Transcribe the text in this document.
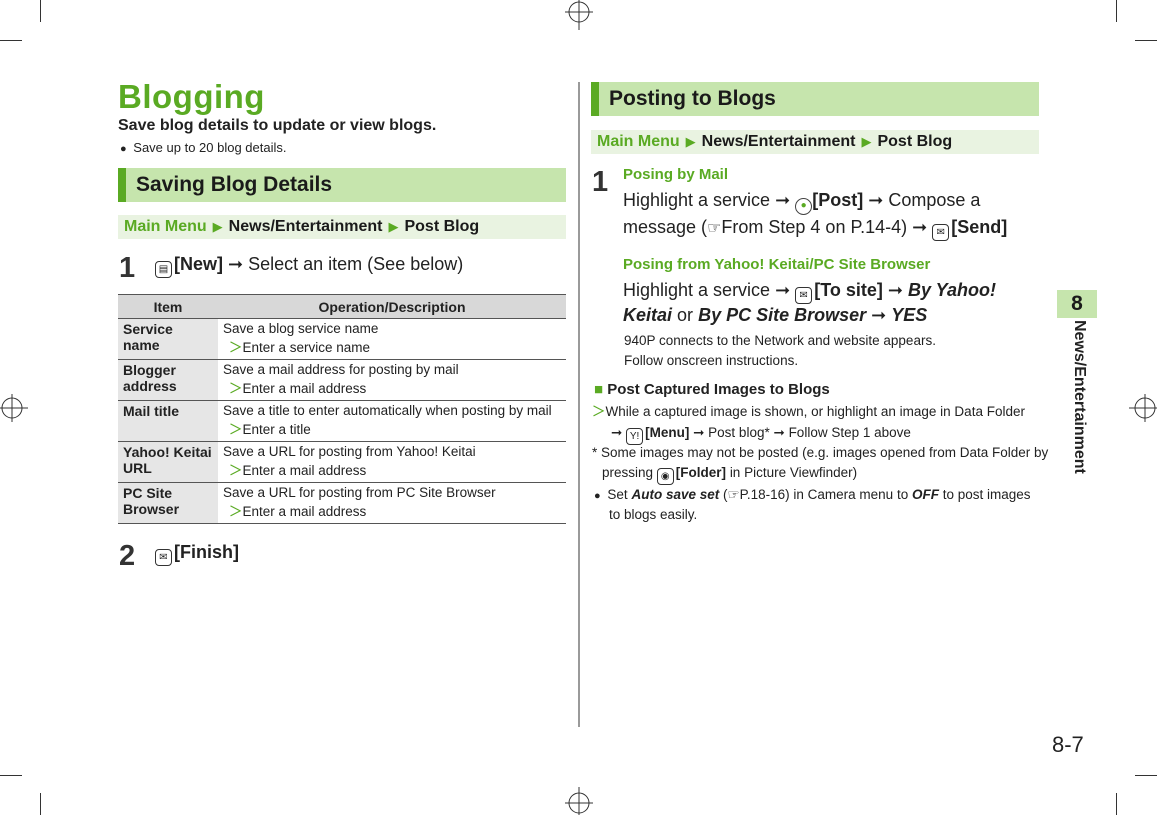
Blogging
Save blog details to update or view blogs.
● Save up to 20 blog details.
Saving Blog Details
Main Menu ▶ News/Entertainment ▶ Post Blog
1	▤ [New] ➞ Select an item (See below)
Item	Operation/Description
Service name	Save a blog service name
＞Enter a service name

Blogger address	Save a mail address for posting by mail
＞Enter a mail address

Mail title	Save a title to enter automatically when posting by mail
＞Enter a title

Yahoo! Keitai URL	Save a URL for posting from Yahoo! Keitai
＞Enter a mail address

PC Site Browser	Save a URL for posting from PC Site Browser
＞Enter a mail address
2	✉ [Finish]
Posting to Blogs
Main Menu ▶ News/Entertainment ▶ Post Blog
1 Posing by Mail
Highlight a service ➞ ● [Post] ➞ Compose a
message (☞From Step 4 on P.14-4) ➞ ✉ [Send]
Posing from Yahoo! Keitai/PC Site Browser
Highlight a service ➞ ✉ [To site] ➞ By Yahoo!
Keitai or By PC Site Browser ➞ YES
940P connects to the Network and website appears.
Follow onscreen instructions.
■ Post Captured Images to Blogs
＞While a captured image is shown, or highlight an image in Data Folder
➞ Y! [Menu] ➞ Post blog* ➞ Follow Step 1 above
* Some images may not be posted (e.g. images opened from Data Folder by
pressing ◉ [Folder] in Picture Viewfinder)
● Set Auto save set (☞P.18-16) in Camera menu to OFF to post images
to blogs easily.
8
News/Entertainment
8-7
